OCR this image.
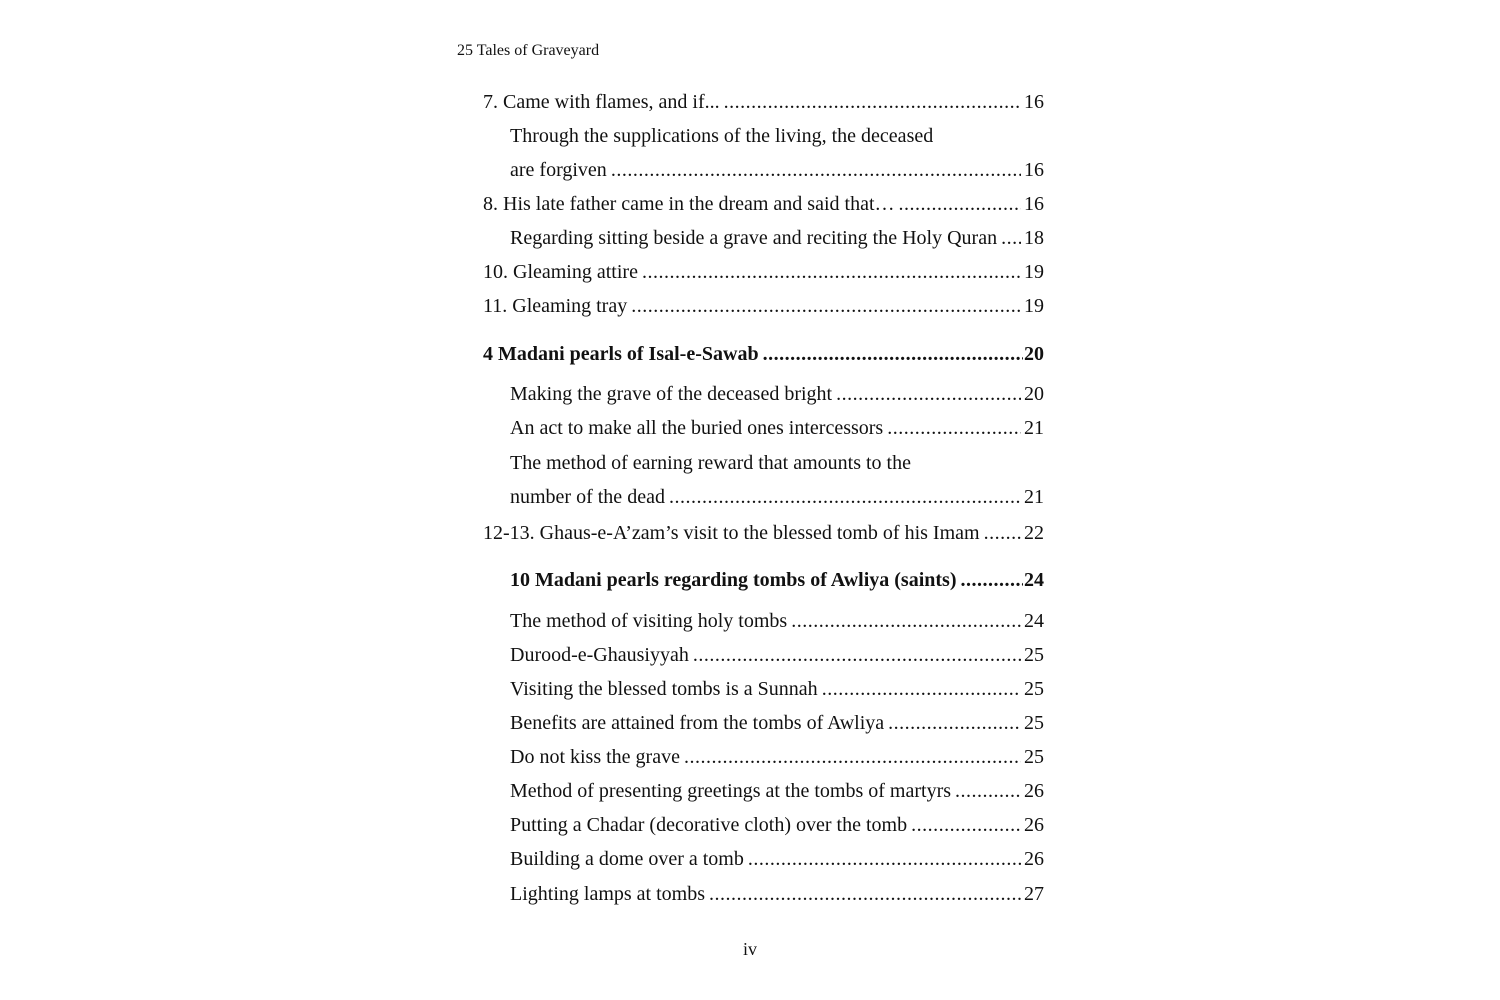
25 Tales of Graveyard
7. Came with flames, and if... .....	16
Through the supplications of the living, the deceased
are forgiven .....	16
8. His late father came in the dream and said that… .....	16
Regarding sitting beside a grave and reciting the Holy Quran ..... 18
10. Gleaming attire .....	19
11. Gleaming tray .....	19
4 Madani pearls of Isal-e-Sawab .....	20
Making the grave of the deceased bright .....	20
An act to make all the buried ones intercessors .....	21
The method of earning reward that amounts to the
number of the dead .....	21
12-13. Ghaus-e-A’zam’s visit to the blessed tomb of his Imam ..... 22
10 Madani pearls regarding tombs of Awliya (saints) .....	24
The method of visiting holy tombs .....	24
Durood-e-Ghausiyyah .....	25
Visiting the blessed tombs is a Sunnah .....	25
Benefits are attained from the tombs of Awliya .....	25
Do not kiss the grave .....	25
Method of presenting greetings at the tombs of martyrs .....	26
Putting a Chadar (decorative cloth) over the tomb .....	26
Building a dome over a tomb .....	26
Lighting lamps at tombs .....	27
iv
